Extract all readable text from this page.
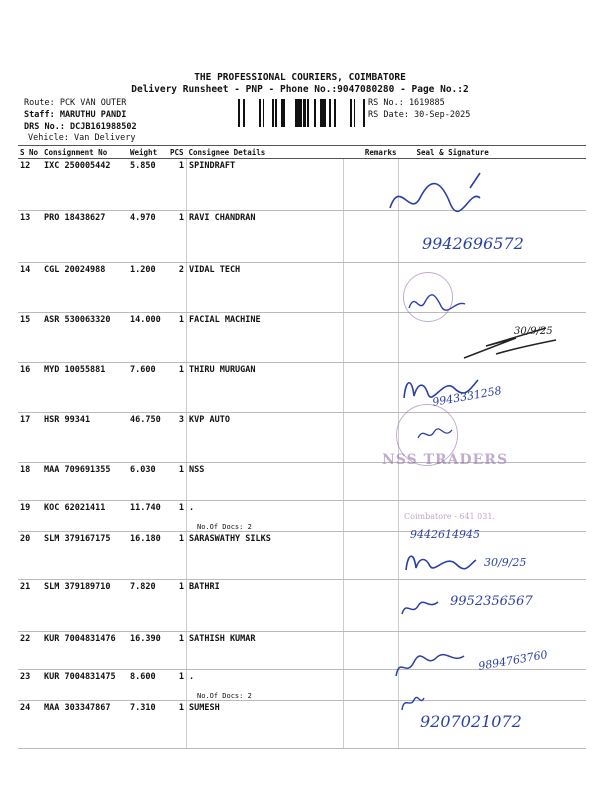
THE PROFESSIONAL COURIERS, COIMBATORE
Delivery Runsheet - PNP - Phone No.:9047080280 - Page No.:2
Route: PCK VAN OUTER
Staff: MARUTHU PANDI
DRS No.: DCJB161988502
Vehicle: Van Delivery
RS No.: 1619885
RS Date: 30-Sep-2025
S No	Consignment No	Weight	PCS	Consignee Details	Remarks	Seal & Signature
12	IXC 250005442	5.850	1	SPINDRAFT		
13	PRO 18438627	4.970	1	RAVI CHANDRAN		
14	CGL 20024988	1.200	2	VIDAL TECH		
15	ASR 530063320	14.000	1	FACIAL MACHINE		
16	MYD 10055881	7.600	1	THIRU MURUGAN		
17	HSR 99341	46.750	3	KVP AUTO		
18	MAA 709691355	6.030	1	NSS		
19	KOC 62021411	11.740	1	.
No.Of Docs: 2		

20	SLM 379167175	16.180	1	SARASWATHY SILKS		
21	SLM 379189710	7.820	1	BATHRI		
22	KUR 7004831476	16.390	1	SATHISH KUMAR		
23	KUR 7004831475	8.600	1	.
No.Of Docs: 2		

24	MAA 303347867	7.310	1	SUMESH		
9942696572
30/9/25
9943331258
NSS TRADERS
Coimbatore - 641 031.
9442614945
30/9/25
9952356567
9894763760
9207021072
